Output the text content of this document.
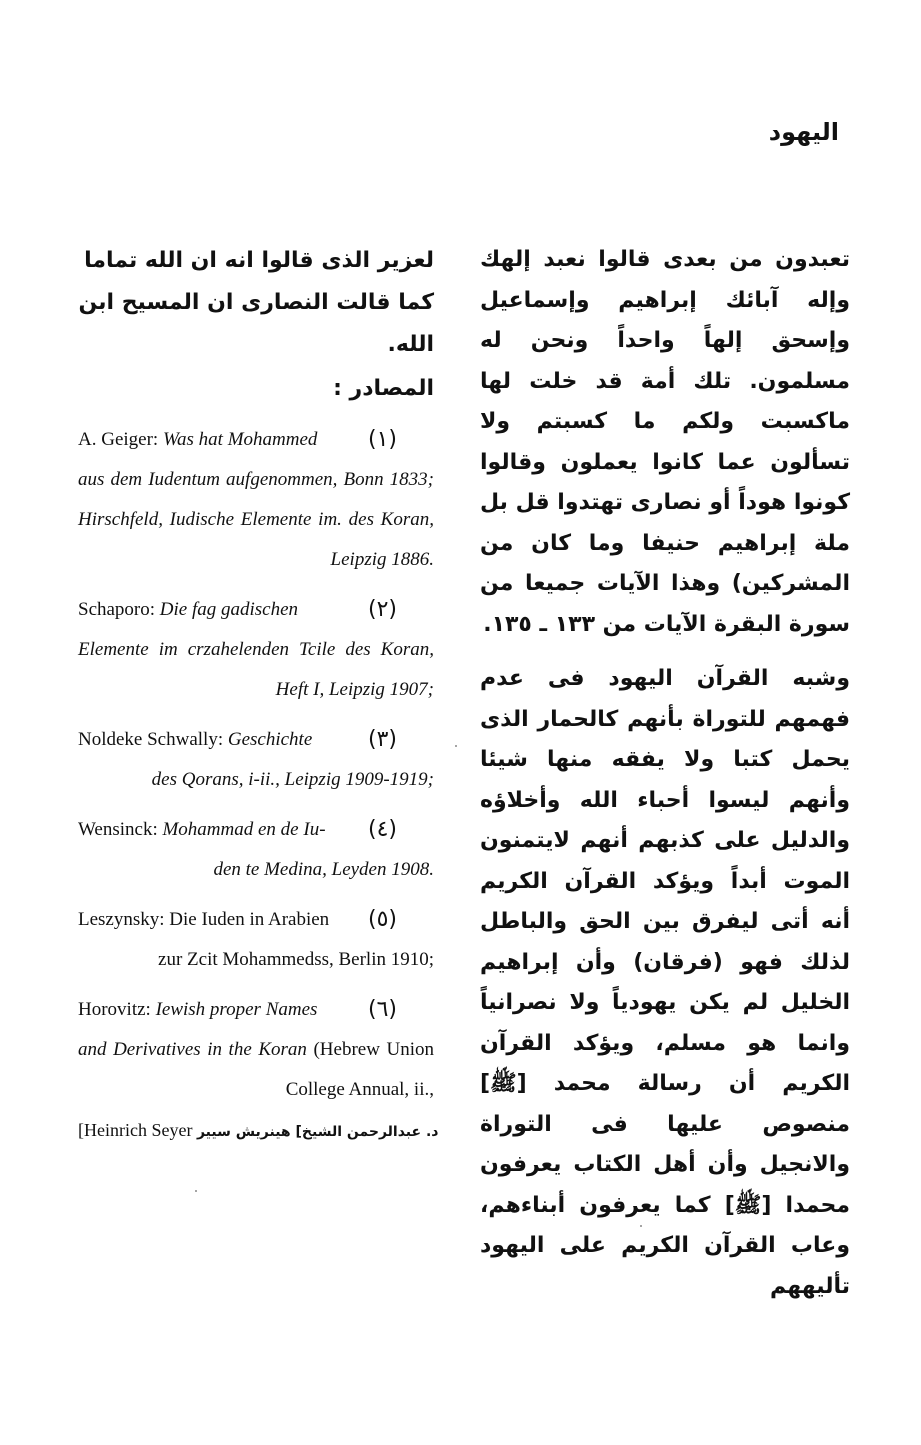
اليهود

تعبدون من بعدى قالوا نعبد إلهك وإله آبائك إبراهيم وإسماعيل وإسحق إلهاً واحداً ونحن له مسلمون. تلك أمة قد خلت لها ماكسبت ولكم ما كسبتم ولا تسألون عما كانوا يعملون وقالوا كونوا هوداً أو نصارى تهتدوا قل بل ملة إبراهيم حنيفا وما كان من المشركين) وهذا الآيات جميعا من سورة البقرة الآيات من ١٣٣ ـ ١٣٥.

وشبه القرآن اليهود فى عدم فهمهم للتوراة بأنهم كالحمار الذى يحمل كتبا ولا يفقه منها شيئا وأنهم ليسوا أحباء الله وأخلاؤه والدليل على كذبهم أنهم لايتمنون الموت أبداً ويؤكد القرآن الكريم أنه أتى ليفرق بين الحق والباطل لذلك فهو (فرقان) وأن إبراهيم الخليل لم يكن يهودياً ولا نصرانياً وانما هو مسلم، ويؤكد القرآن الكريم أن رسالة محمد [ﷺ] منصوص عليها فى التوراة والانجيل وأن أهل الكتاب يعرفون محمدا [ﷺ] كما يعرفون أبناءهم، وعاب القرآن الكريم على اليهود تأليههم

لعزير الذى قالوا انه ان الله تماما كما قالت النصارى ان المسيح ابن الله.

المصادر :

(١)
A. Geiger: Was hat Mohammed
aus dem Iudentum aufgenommen, Bonn 1833; Hirschfeld, Iudische Elemente im. des Koran, Leipzig 1886.
(٢)
Schaporo: Die fag gadischen
Elemente im crzahelenden Tcile des Koran, Heft I, Leipzig 1907;
(٣)
Noldeke Schwally: Geschichte
des Qorans, i-ii., Leipzig 1909-1919;
(٤)
Wensinck: Mohammad en de Iu-
den te Medina, Leyden 1908.
(٥)
Leszynsky: Die Iuden in Arabien
zur Zcit Mohammedss, Berlin 1910;
(٦)
Horovitz: Iewish proper Names
and Derivatives in the Koran (Hebrew Union College Annual, ii.,
[Heinrich Seyer د. عبدالرحمن الشيخ] هينريش سيير
